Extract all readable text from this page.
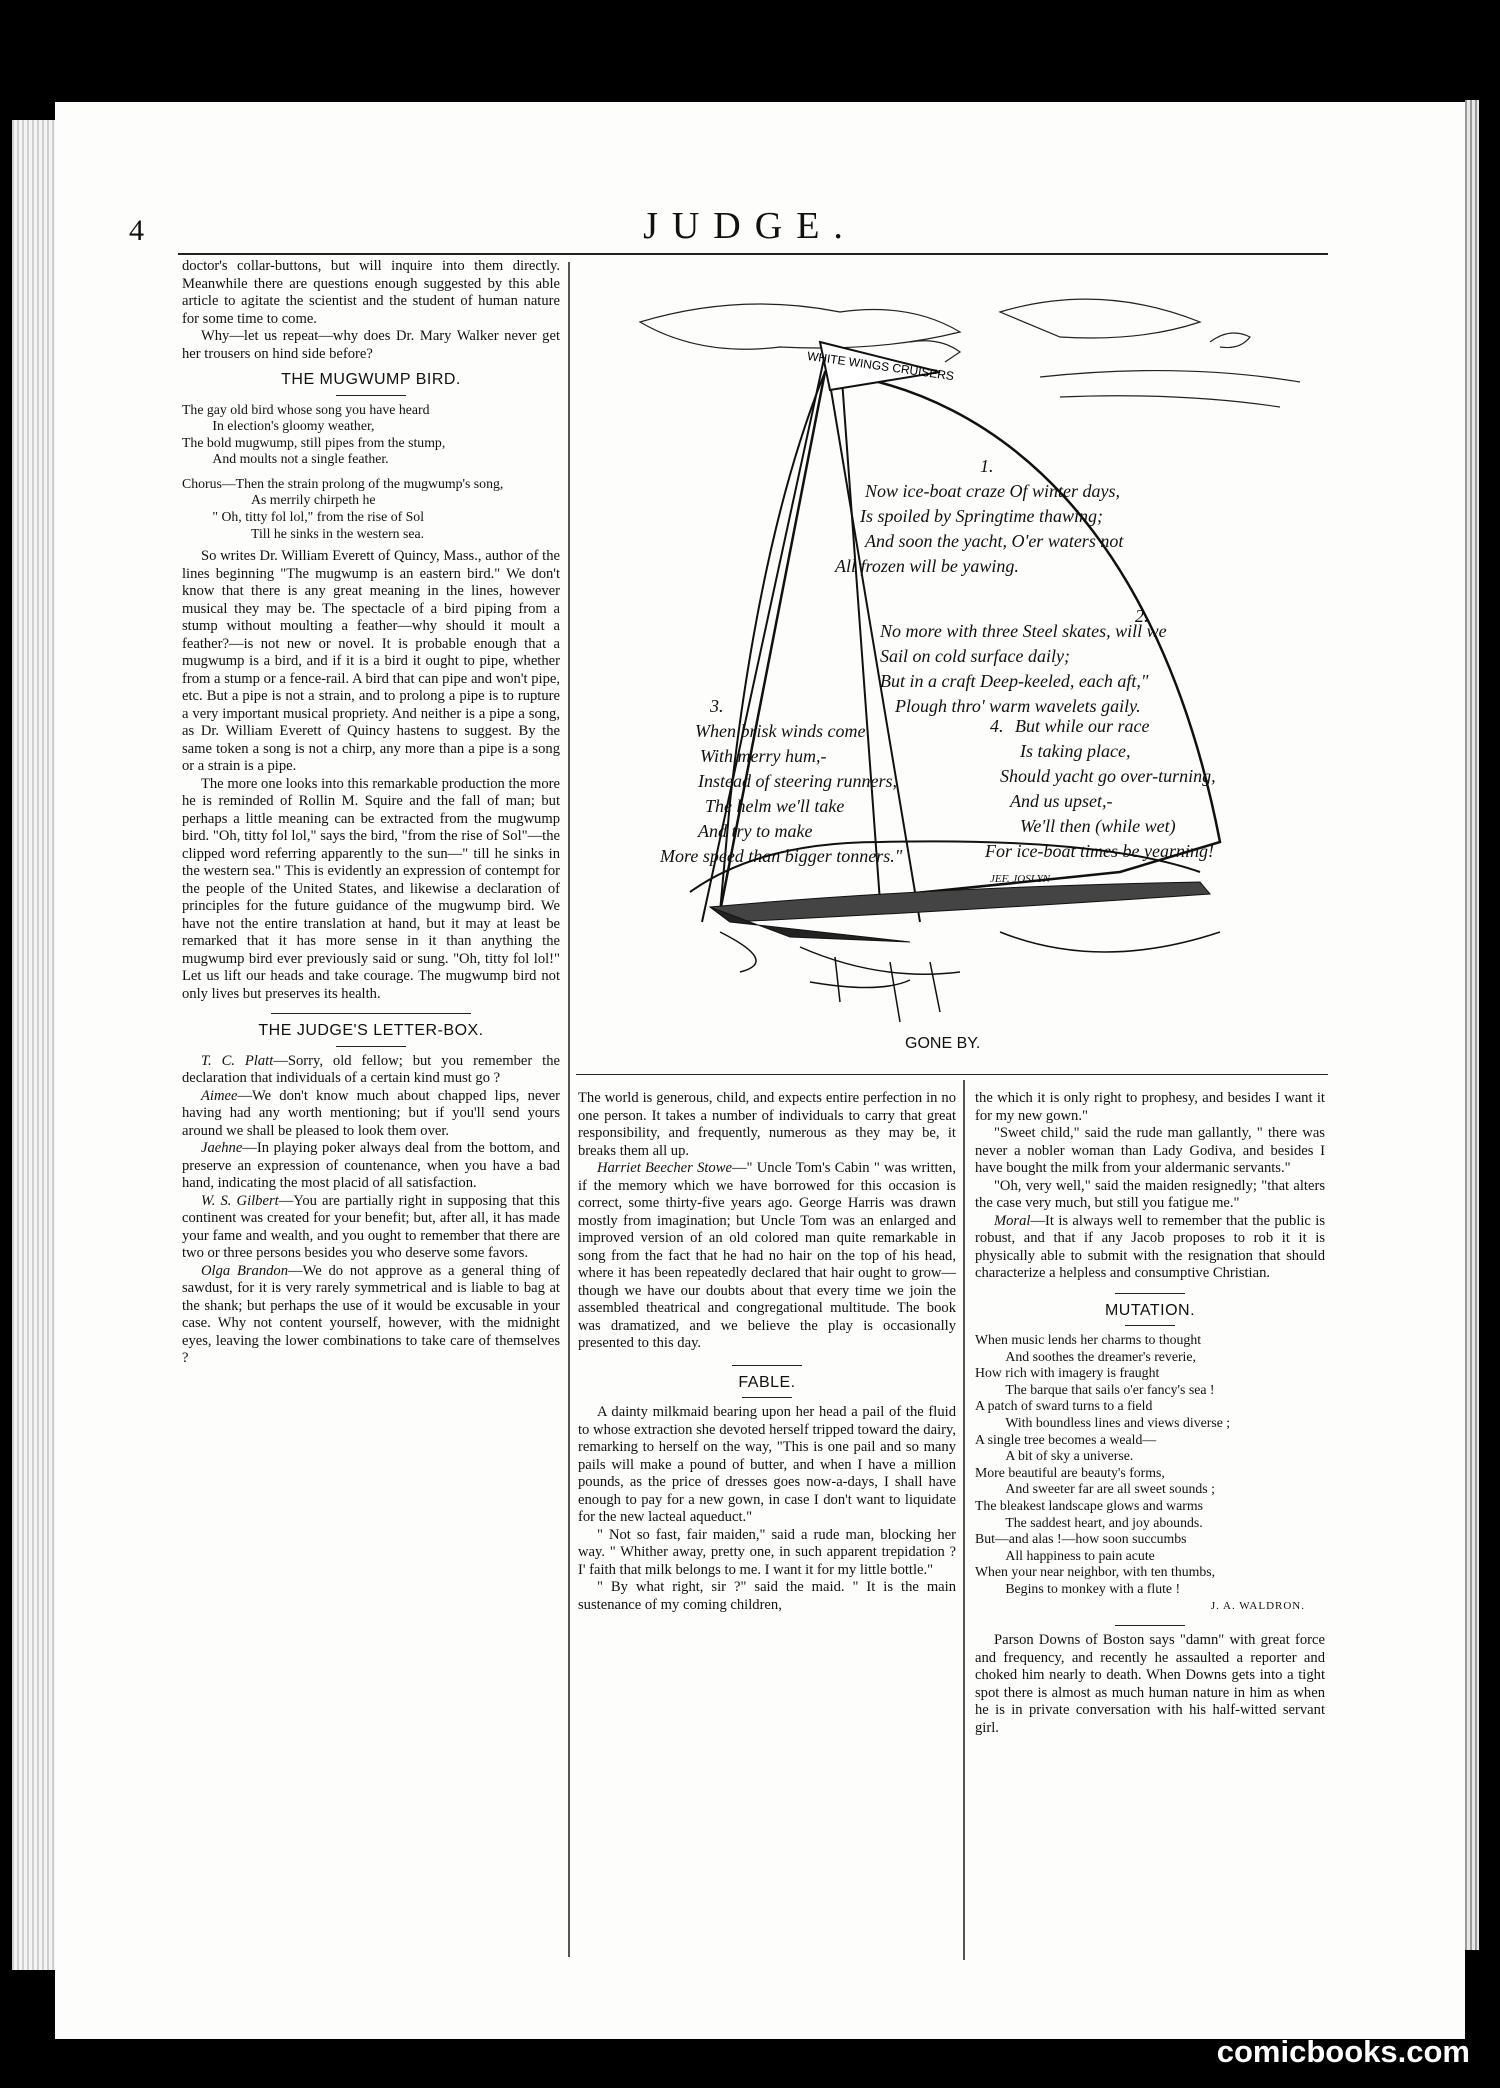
4	JUDGE.

doctor's collar-buttons, but will inquire into them directly. Meanwhile there are questions enough suggested by this able article to agitate the scientist and the student of human nature for some time to come.

Why—let us repeat—why does Dr. Mary Walker never get her trousers on hind side before?

THE MUGWUMP BIRD.
The gay old bird whose song you have heard
In election's gloomy weather,
The bold mugwump, still pipes from the stump,
And moults not a single feather.
Chorus—Then the strain prolong of the mugwump's song,
As merrily chirpeth he
" Oh, titty fol lol," from the rise of Sol
Till he sinks in the western sea.

So writes Dr. William Everett of Quincy, Mass., author of the lines beginning "The mugwump is an eastern bird." We don't know that there is any great meaning in the lines, however musical they may be. The spectacle of a bird piping from a stump without moulting a feather—why should it moult a feather?—is not new or novel. It is probable enough that a mugwump is a bird, and if it is a bird it ought to pipe, whether from a stump or a fence-rail. A bird that can pipe and won't pipe, etc. But a pipe is not a strain, and to prolong a pipe is to rupture a very important musical propriety. And neither is a pipe a song, as Dr. William Everett of Quincy hastens to suggest. By the same token a song is not a chirp, any more than a pipe is a song or a strain is a pipe.

The more one looks into this remarkable production the more he is reminded of Rollin M. Squire and the fall of man; but perhaps a little meaning can be extracted from the mugwump bird. "Oh, titty fol lol," says the bird, "from the rise of Sol"—the clipped word referring apparently to the sun—" till he sinks in the western sea." This is evidently an expression of contempt for the people of the United States, and likewise a declaration of principles for the future guidance of the mugwump bird. We have not the entire translation at hand, but it may at least be remarked that it has more sense in it than anything the mugwump bird ever previously said or sung. "Oh, titty fol lol!" Let us lift our heads and take courage. The mugwump bird not only lives but preserves its health.

THE JUDGE'S LETTER-BOX.

T. C. Platt—Sorry, old fellow; but you remember the declaration that individuals of a certain kind must go ?

Aimee—We don't know much about chapped lips, never having had any worth mentioning; but if you'll send yours around we shall be pleased to look them over.

Jaehne—In playing poker always deal from the bottom, and preserve an expression of countenance, when you have a bad hand, indicating the most placid of all satisfaction.

W. S. Gilbert—You are partially right in supposing that this continent was created for your benefit; but, after all, it has made your fame and wealth, and you ought to remember that there are two or three persons besides you who deserve some favors.

Olga Brandon—We do not approve as a general thing of sawdust, for it is very rarely symmetrical and is liable to bag at the shank; but perhaps the use of it would be excusable in your case. Why not content yourself, however, with the midnight eyes, leaving the lower combinations to take care of themselves ?

WHITE WINGS CRUISERS
1.
Now ice-boat craze Of winter days,
Is spoiled by Springtime thawing;
And soon the yacht, O'er waters not
All frozen will be yawing.
2.
No more with three Steel skates, will we
Sail on cold surface daily;
But in a craft Deep-keeled, each aft,"
Plough thro' warm wavelets gaily.
3.
When brisk winds come
With merry hum,-
Instead of steering runners,
The helm we'll take
And try to make
More speed than bigger tonners."
4. But while our race
Is taking place,
Should yacht go over-turning,
And us upset,-
We'll then (while wet)
For ice-boat times be yearning!
JEF. JOSLYN
GONE BY.

The world is generous, child, and expects entire perfection in no one person. It takes a number of individuals to carry that great responsibility, and frequently, numerous as they may be, it breaks them all up.

Harriet Beecher Stowe—" Uncle Tom's Cabin " was written, if the memory which we have borrowed for this occasion is correct, some thirty-five years ago. George Harris was drawn mostly from imagination; but Uncle Tom was an enlarged and improved version of an old colored man quite remarkable in song from the fact that he had no hair on the top of his head, where it has been repeatedly declared that hair ought to grow—though we have our doubts about that every time we join the assembled theatrical and congregational multitude. The book was dramatized, and we believe the play is occasionally presented to this day.

FABLE.

A dainty milkmaid bearing upon her head a pail of the fluid to whose extraction she devoted herself tripped toward the dairy, remarking to herself on the way, "This is one pail and so many pails will make a pound of butter, and when I have a million pounds, as the price of dresses goes now-a-days, I shall have enough to pay for a new gown, in case I don't want to liquidate for the new lacteal aqueduct."

" Not so fast, fair maiden," said a rude man, blocking her way. " Whither away, pretty one, in such apparent trepidation ? I' faith that milk belongs to me. I want it for my little bottle."

" By what right, sir ?" said the maid. " It is the main sustenance of my coming children,

the which it is only right to prophesy, and besides I want it for my new gown."

"Sweet child," said the rude man gallantly, " there was never a nobler woman than Lady Godiva, and besides I have bought the milk from your aldermanic servants."

"Oh, very well," said the maiden resignedly; "that alters the case very much, but still you fatigue me."

Moral—It is always well to remember that the public is robust, and that if any Jacob proposes to rob it it is physically able to submit with the resignation that should characterize a helpless and consumptive Christian.

MUTATION.
When music lends her charms to thought
And soothes the dreamer's reverie,
How rich with imagery is fraught
The barque that sails o'er fancy's sea !
A patch of sward turns to a field
With boundless lines and views diverse ;
A single tree becomes a weald—
A bit of sky a universe.
More beautiful are beauty's forms,
And sweeter far are all sweet sounds ;
The bleakest landscape glows and warms
The saddest heart, and joy abounds.
But—and alas !—how soon succumbs
All happiness to pain acute
When your near neighbor, with ten thumbs,
Begins to monkey with a flute !
J. A. WALDRON.

Parson Downs of Boston says "damn" with great force and frequency, and recently he assaulted a reporter and choked him nearly to death. When Downs gets into a tight spot there is almost as much human nature in him as when he is in private conversation with his half-witted servant girl.

comicbooks.com
